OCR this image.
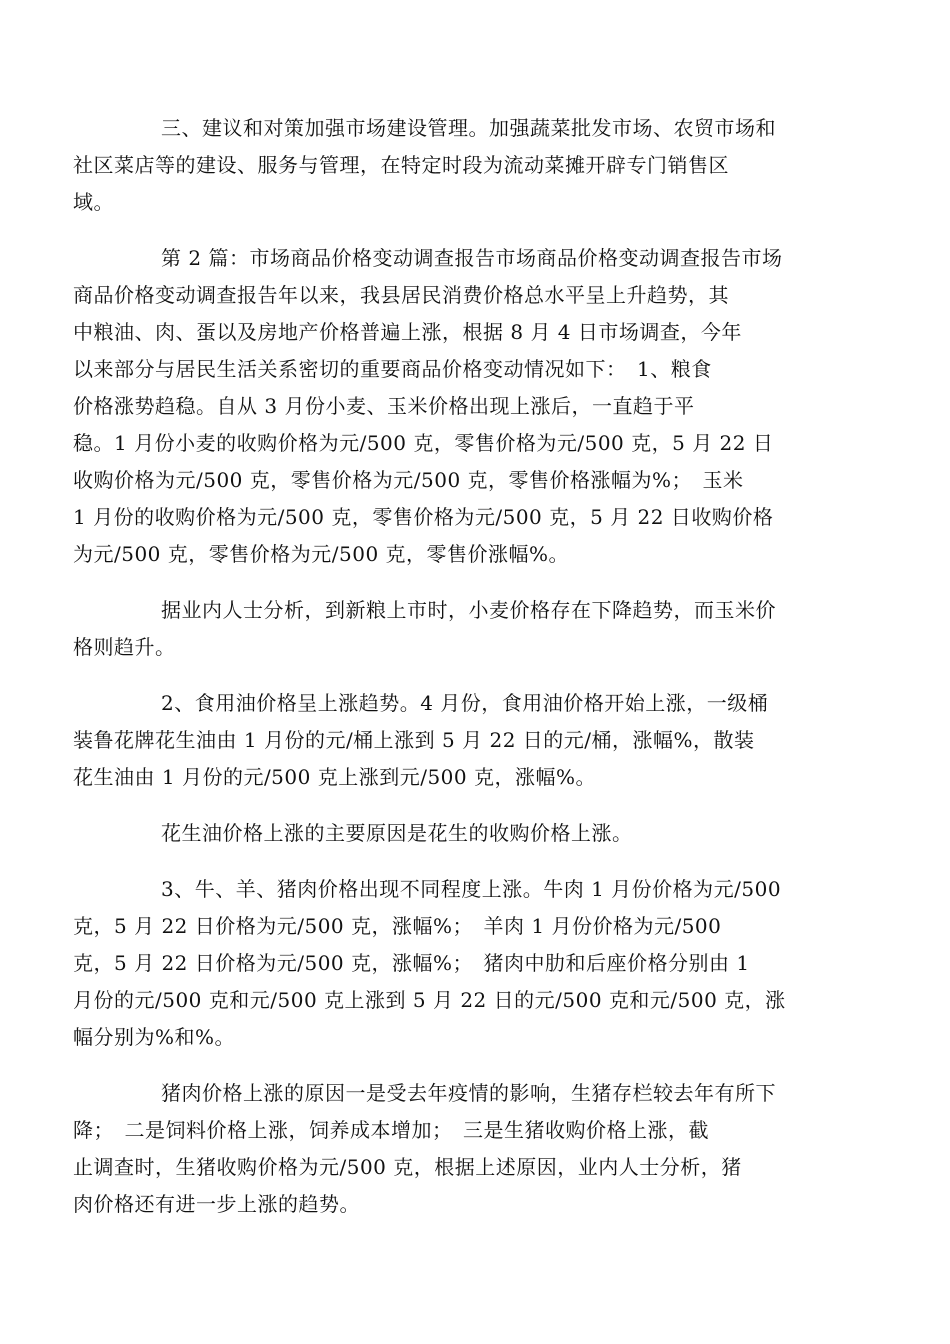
三、建议和对策加强市场建设管理。加强蔬菜批发市场、农贸市场和
社区菜店等的建设、服务与管理，在特定时段为流动菜摊开辟专门销售区
域。
第 2 篇：市场商品价格变动调查报告市场商品价格变动调查报告市场
商品价格变动调查报告年以来，我县居民消费价格总水平呈上升趋势，其
中粮油、肉、蛋以及房地产价格普遍上涨，根据 8 月 4 日市场调查，今年
以来部分与居民生活关系密切的重要商品价格变动情况如下：　1、粮食
价格涨势趋稳。自从 3 月份小麦、玉米价格出现上涨后，一直趋于平
稳。1 月份小麦的收购价格为元/500 克，零售价格为元/500 克，5 月 22 日
收购价格为元/500 克，零售价格为元/500 克，零售价格涨幅为%；　玉米
1 月份的收购价格为元/500 克，零售价格为元/500 克，5 月 22 日收购价格
为元/500 克，零售价格为元/500 克，零售价涨幅%。
据业内人士分析，到新粮上市时，小麦价格存在下降趋势，而玉米价
格则趋升。
2、食用油价格呈上涨趋势。4 月份，食用油价格开始上涨，一级桶
装鲁花牌花生油由 1 月份的元/桶上涨到 5 月 22 日的元/桶，涨幅%，散装
花生油由 1 月份的元/500 克上涨到元/500 克，涨幅%。
花生油价格上涨的主要原因是花生的收购价格上涨。
3、牛、羊、猪肉价格出现不同程度上涨。牛肉 1 月份价格为元/500
克，5 月 22 日价格为元/500 克，涨幅%；　羊肉 1 月份价格为元/500
克，5 月 22 日价格为元/500 克，涨幅%；　猪肉中肋和后座价格分别由 1
月份的元/500 克和元/500 克上涨到 5 月 22 日的元/500 克和元/500 克，涨
幅分别为%和%。
猪肉价格上涨的原因一是受去年疫情的影响，生猪存栏较去年有所下
降；　二是饲料价格上涨，饲养成本增加；　三是生猪收购价格上涨，截
止调查时，生猪收购价格为元/500 克，根据上述原因，业内人士分析，猪
肉价格还有进一步上涨的趋势。
